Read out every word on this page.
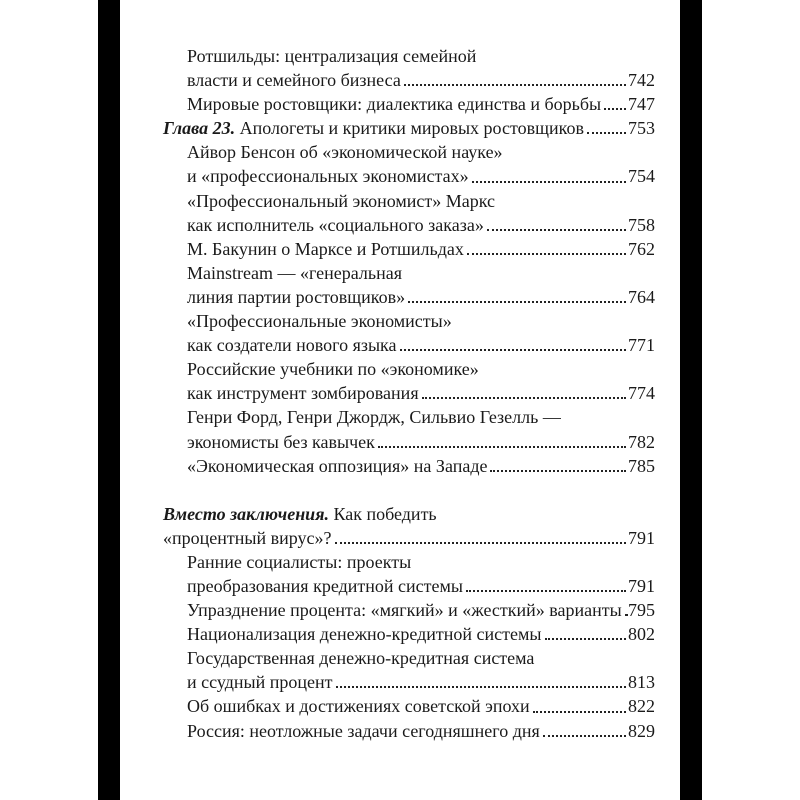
Ротшильды: централизация семейной
власти и семейного бизнеса	742
Мировые ростовщики: диалектика единства и борьбы 747
Глава 23. Апологеты и критики мировых ростовщиков 753
Айвор Бенсон об «экономической науке»
и «профессиональных экономистах»	754
«Профессиональный экономист» Маркс
как исполнитель «социального заказа»	758
М. Бакунин о Марксе и Ротшильдах	762
Mainstream — «генеральная
линия партии ростовщиков»	764
«Профессиональные экономисты»
как создатели нового языка	771
Российские учебники по «экономике»
как инструмент зомбирования	774
Генри Форд, Генри Джордж, Сильвио Гезелль —
экономисты без кавычек	782
«Экономическая оппозиция» на Западе	785
Вместо заключения. Как победить
«процентный вирус»?	791
Ранние социалисты: проекты
преобразования кредитной системы	791
Упразднение процента: «мягкий» и «жесткий» варианты 795
Национализация денежно-кредитной системы	802
Государственная денежно-кредитная система
и ссудный процент	813
Об ошибках и достижениях советской эпохи	822
Россия: неотложные задачи сегодняшнего дня	829
